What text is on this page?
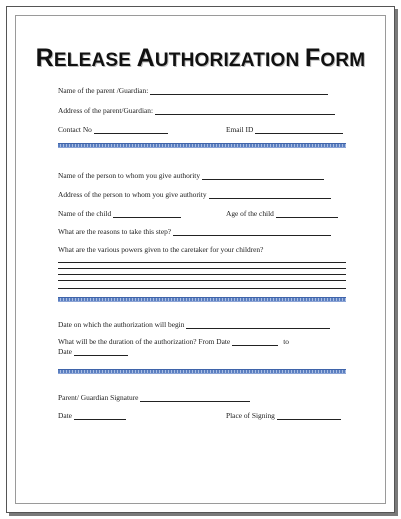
RELEASE AUTHORIZATION FORM
Name of the parent /Guardian:
Address of the parent/Guardian:
Contact No	Email ID
Name of the person to whom you give authority
Address of the person to whom you give authority
Name of the child	Age of the child
What are the reasons to take this step?
What are the various powers given to the caretaker for your children?
Date on which the authorization will begin
What will be the duration of the authorization? From Date	to
Date
Parent/ Guardian Signature
Date	Place of Signing
